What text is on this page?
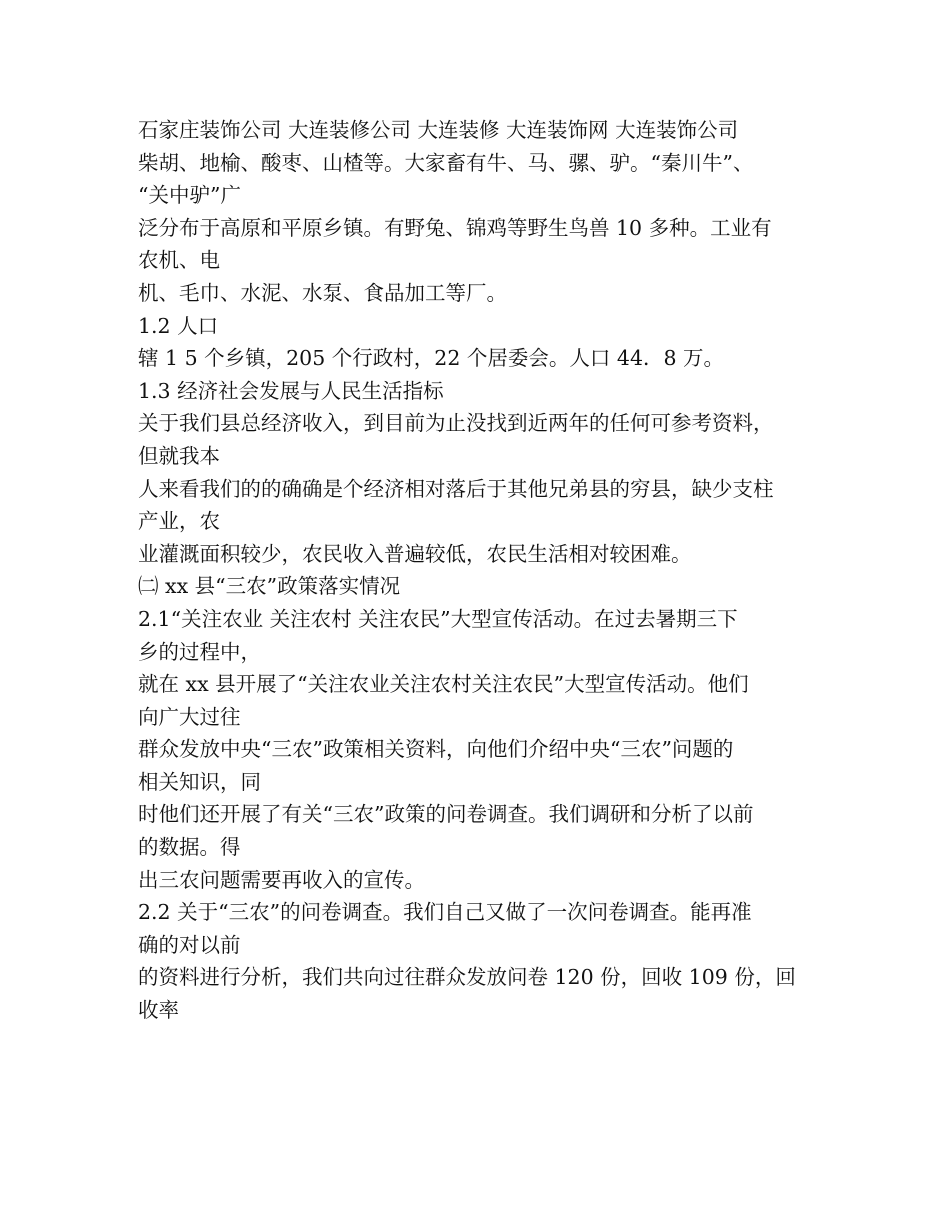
石家庄装饰公司 大连装修公司 大连装修 大连装饰网 大连装饰公司
柴胡、地榆、酸枣、山楂等。大家畜有牛、马、骡、驴。“秦川牛”、
“关中驴”广
泛分布于高原和平原乡镇。有野兔、锦鸡等野生鸟兽 10 多种。工业有
农机、电
机、毛巾、水泥、水泵、食品加工等厂。
1.2 人口
辖 1 5 个乡镇，205 个行政村，22 个居委会。人口 44．8 万。
1.3 经济社会发展与人民生活指标
关于我们县总经济收入，到目前为止没找到近两年的任何可参考资料，
但就我本
人来看我们的的确确是个经济相对落后于其他兄弟县的穷县，缺少支柱
产业，农
业灌溉面积较少，农民收入普遍较低，农民生活相对较困难。
㈡ xx 县“三农”政策落实情况
2.1“关注农业 关注农村 关注农民”大型宣传活动。在过去暑期三下
乡的过程中，
就在 xx 县开展了“关注农业关注农村关注农民”大型宣传活动。他们
向广大过往
群众发放中央“三农”政策相关资料，向他们介绍中央“三农”问题的
相关知识，同
时他们还开展了有关“三农”政策的问卷调查。我们调研和分析了以前
的数据。得
出三农问题需要再收入的宣传。
2.2 关于“三农”的问卷调查。我们自己又做了一次问卷调查。能再准
确的对以前
的资料进行分析，我们共向过往群众发放问卷 120 份，回收 109 份，回
收率
